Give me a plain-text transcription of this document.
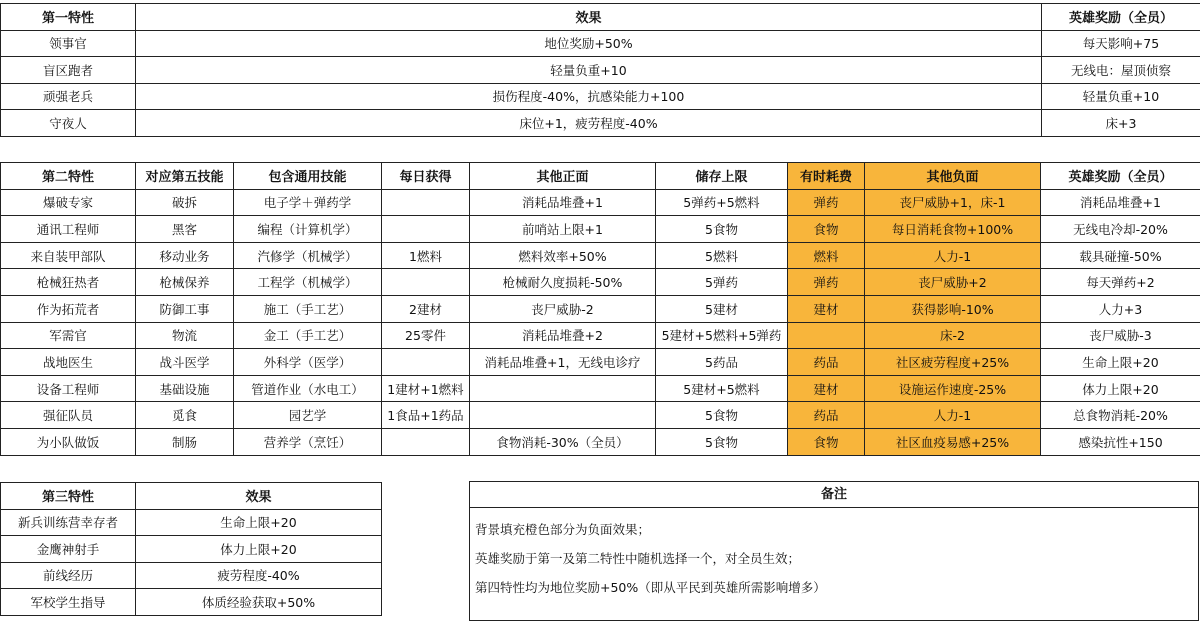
第一特性	效果	英雄奖励（全员）
领事官	地位奖励+50%	每天影响+75
盲区跑者	轻量负重+10	无线电：屋顶侦察
顽强老兵	损伤程度-40%，抗感染能力+100	轻量负重+10
守夜人	床位+1，疲劳程度-40%	床+3
第二特性	对应第五技能	包含通用技能	每日获得	其他正面	储存上限	有时耗费	其他负面	英雄奖励（全员）
爆破专家	破拆	电子学＋弹药学		消耗品堆叠+1	5弹药+5燃料	弹药	丧尸威胁+1，床-1	消耗品堆叠+1
通讯工程师	黑客	编程（计算机学）		前哨站上限+1	5食物	食物	每日消耗食物+100%	无线电冷却-20%
来自装甲部队	移动业务	汽修学（机械学）	1燃料	燃料效率+50%	5燃料	燃料	人力-1	载具碰撞-50%
枪械狂热者	枪械保养	工程学（机械学）		枪械耐久度损耗-50%	5弹药	弹药	丧尸威胁+2	每天弹药+2
作为拓荒者	防御工事	施工（手工艺）	2建材	丧尸威胁-2	5建材	建材	获得影响-10%	人力+3
军需官	物流	金工（手工艺）	25零件	消耗品堆叠+2	5建材+5燃料+5弹药		床-2	丧尸威胁-3
战地医生	战斗医学	外科学（医学）		消耗品堆叠+1，无线电诊疗	5药品	药品	社区疲劳程度+25%	生命上限+20
设备工程师	基础设施	管道作业（水电工）	1建材+1燃料		5建材+5燃料	建材	设施运作速度-25%	体力上限+20
强征队员	觅食	园艺学	1食品+1药品		5食物	药品	人力-1	总食物消耗-20%
为小队做饭	制肠	营养学（烹饪）		食物消耗-30%（全员）	5食物	食物	社区血疫易感+25%	感染抗性+150
第三特性	效果
新兵训练营幸存者	生命上限+20
金鹰神射手	体力上限+20
前线经历	疲劳程度-40%
军校学生指导	体质经验获取+50%
备注
背景填充橙色部分为负面效果；
英雄奖励于第一及第二特性中随机选择一个，对全员生效；
第四特性均为地位奖励+50%（即从平民到英雄所需影响增多）
